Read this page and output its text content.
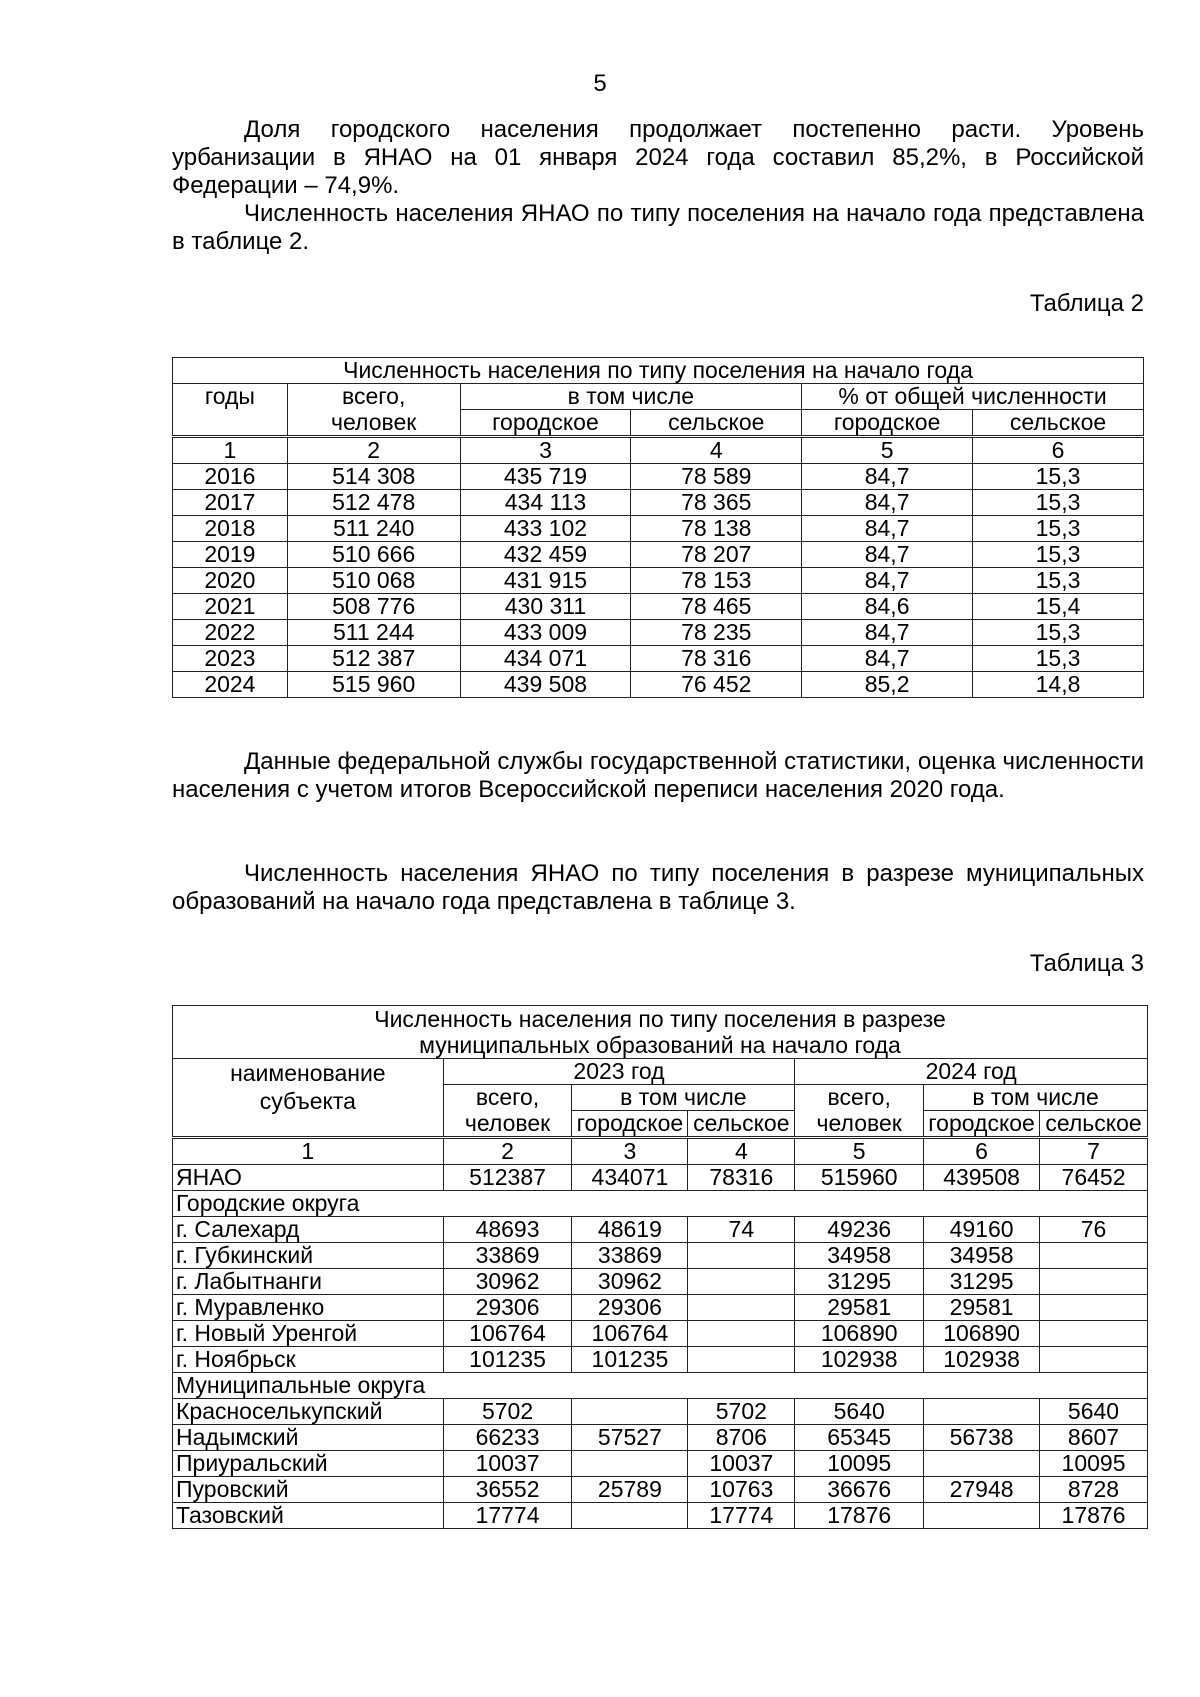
5

Доля городского населения продолжает постепенно расти. Уровень урбанизации в ЯНАО на 01 января 2024 года составил 85,2%, в Российской Федерации – 74,9%.

Численность населения ЯНАО по типу поселения на начало года представлена в таблице 2.

Таблица 2
Численность населения по типу поселения на начало года					
годы	всего,	в том числе		% от общей численности	
	человек	городское	сельское	городское	сельское
1	2	3	4	5	6
2016	514 308	435 719	78 589	84,7	15,3
2017	512 478	434 113	78 365	84,7	15,3
2018	511 240	433 102	78 138	84,7	15,3
2019	510 666	432 459	78 207	84,7	15,3
2020	510 068	431 915	78 153	84,7	15,3
2021	508 776	430 311	78 465	84,6	15,4
2022	511 244	433 009	78 235	84,7	15,3
2023	512 387	434 071	78 316	84,7	15,3
2024	515 960	439 508	76 452	85,2	14,8

Данные федеральной службы государственной статистики, оценка численности населения с учетом итогов Всероссийской переписи населения 2020 года.

Численность населения ЯНАО по типу поселения в разрезе муниципальных образований на начало года представлена в таблице 3.

Таблица 3
Численность населения по типу поселения в разрезе
муниципальных образований на начало года						

наименование
субъекта	2023 год			2024 год		
	всего,	в том числе		всего,	в том числе	
	человек	городское	сельское	человек	городское	сельское
1	2	3	4	5	6	7
ЯНАО	512387	434071	78316	515960	439508	76452
Городские округа						
г. Салехард	48693	48619	74	49236	49160	76
г. Губкинский	33869	33869		34958	34958	
г. Лабытнанги	30962	30962		31295	31295	
г. Муравленко	29306	29306		29581	29581	
г. Новый Уренгой	106764	106764		106890	106890	
г. Ноябрьск	101235	101235		102938	102938	
Муниципальные округа						
Красноселькупский	5702		5702	5640		5640
Надымский	66233	57527	8706	65345	56738	8607
Приуральский	10037		10037	10095		10095
Пуровский	36552	25789	10763	36676	27948	8728
Тазовский	17774		17774	17876		17876
